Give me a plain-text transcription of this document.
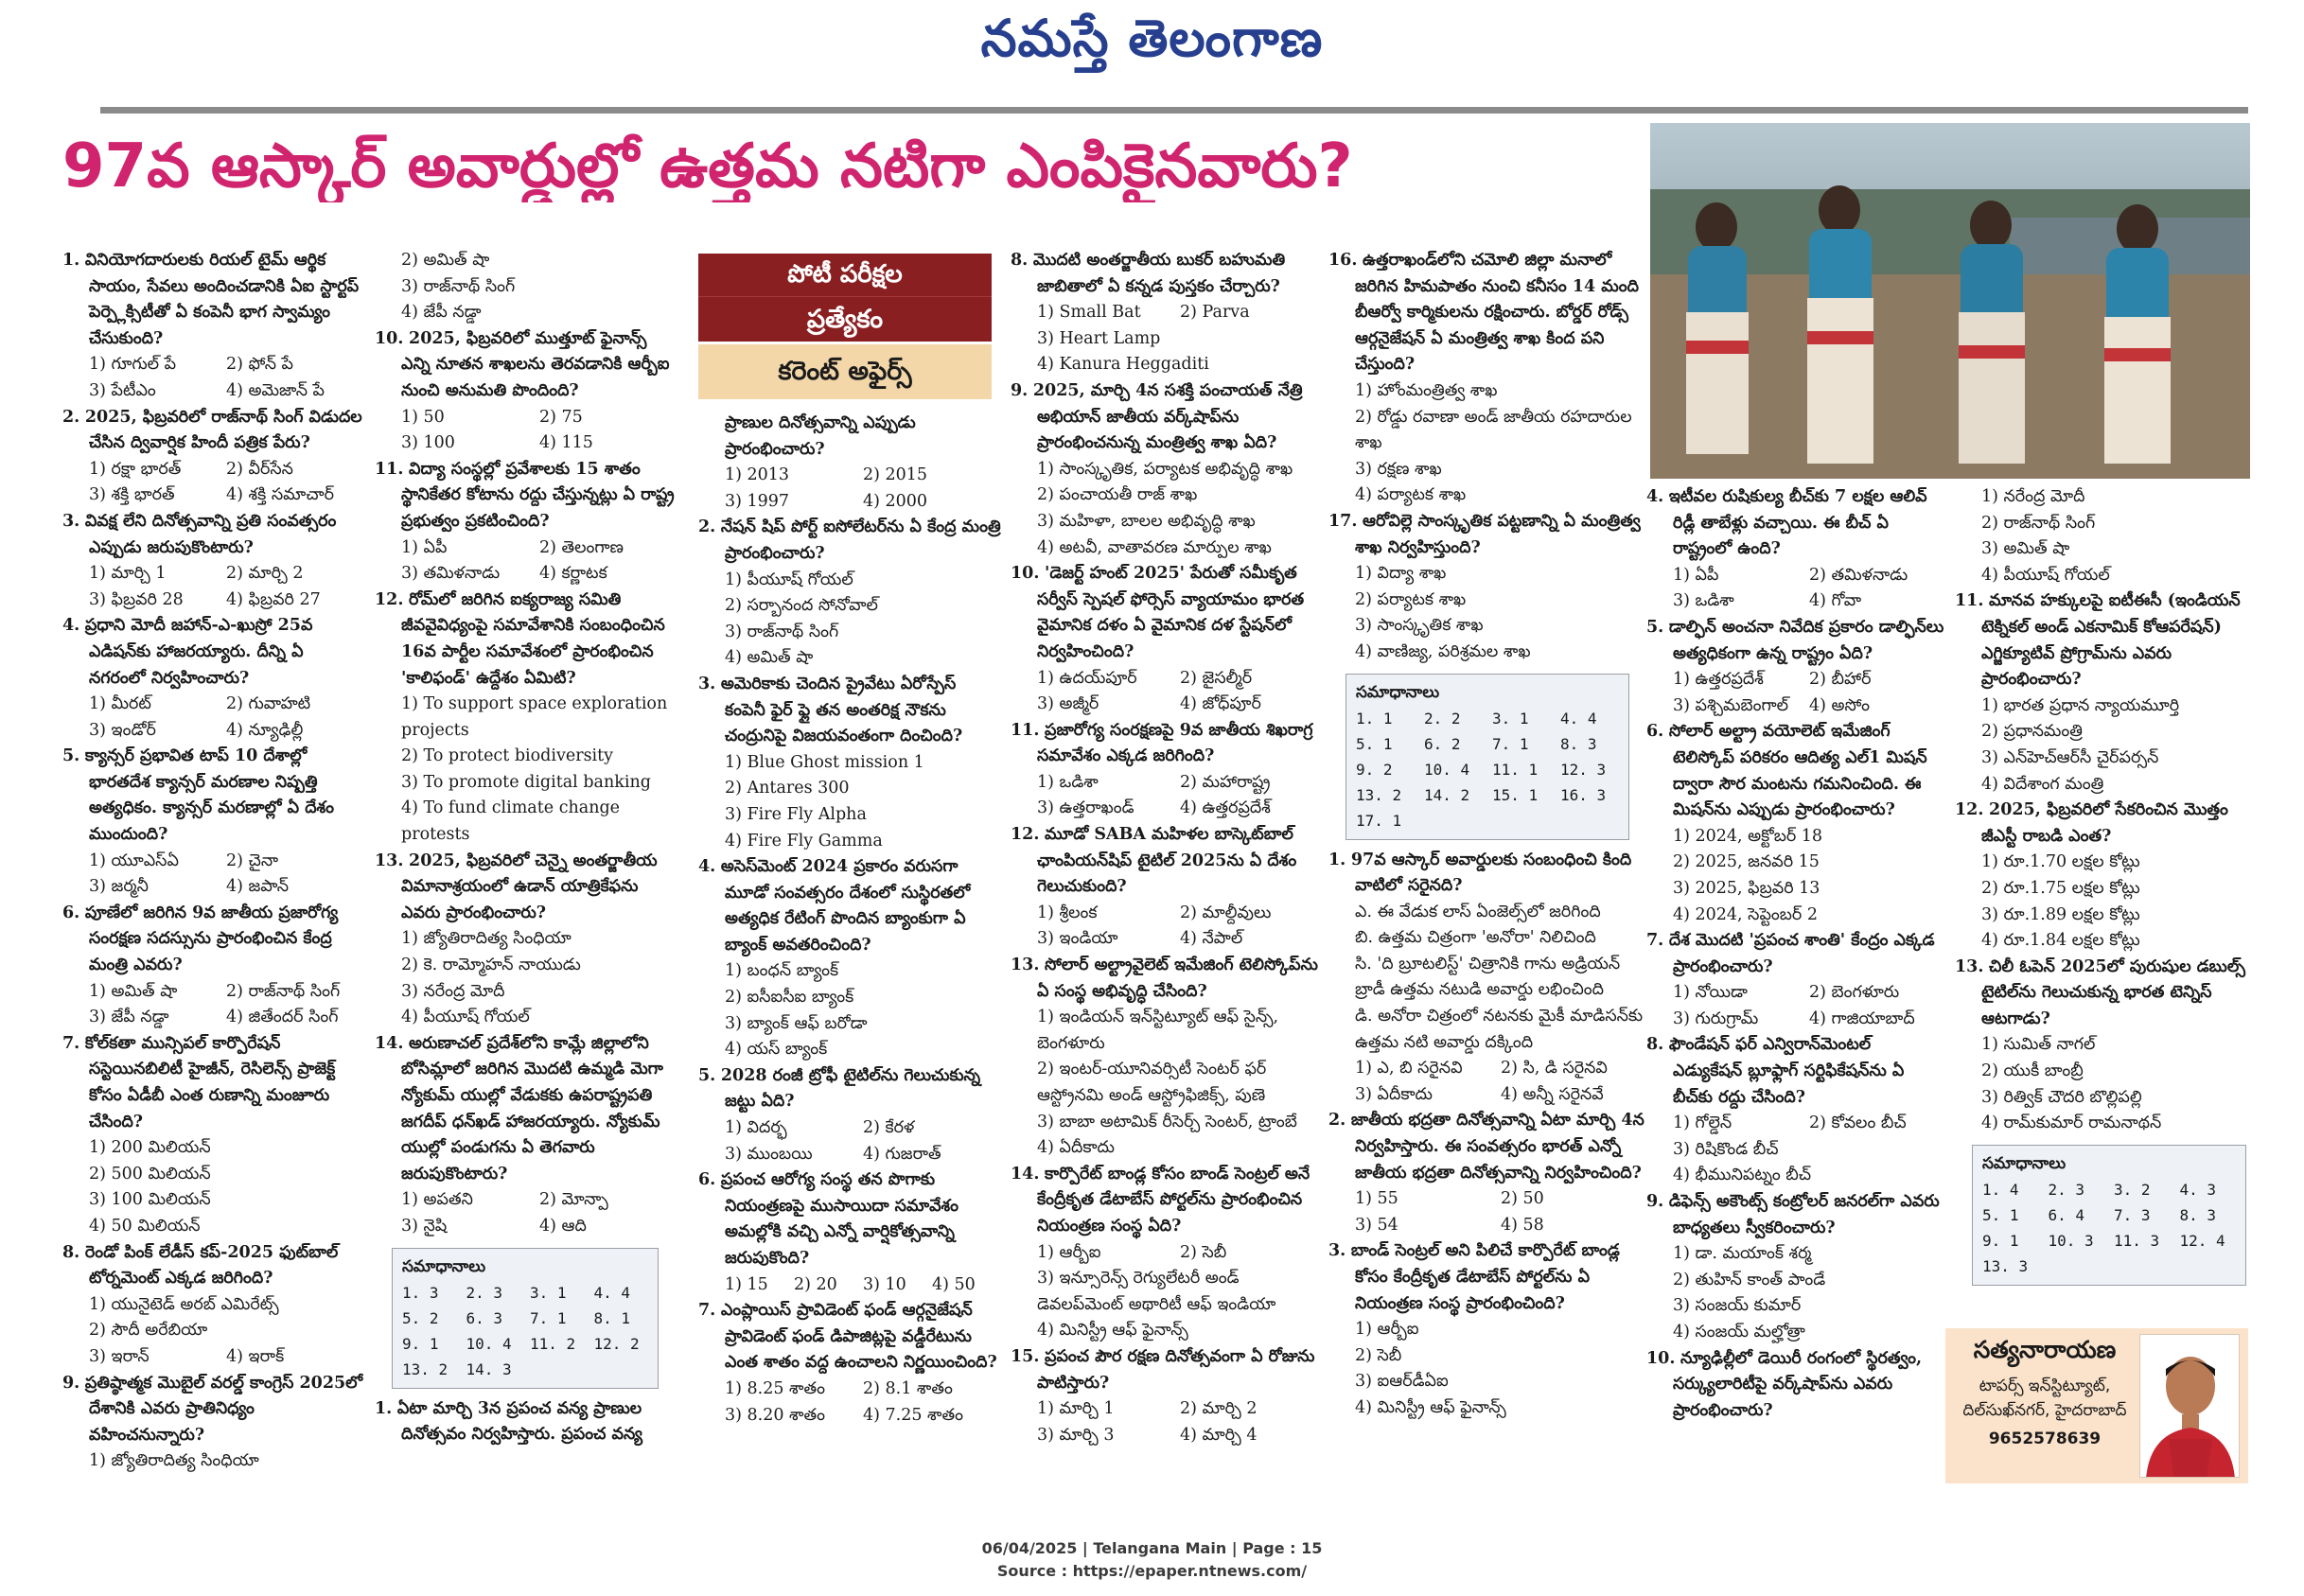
నమస్తే తెలంగాణ
97వ ఆస్కార్ అవార్డుల్లో ఉత్తమ నటిగా ఎంపికైనవారు?
పోటీ పరీక్షల
ప్రత్యేకం
కరెంట్ అఫైర్స్
1. వినియోగదారులకు రియల్ టైమ్ ఆర్థిక సాయం, సేవలు అందించడానికి ఏఐ స్టార్టప్ పెర్ప్లెక్సిటీతో ఏ కంపెనీ భాగ స్వామ్యం చేసుకుంది?
1) గూగుల్ పే	2) ఫోన్ పే
3) పేటీఎం	4) అమెజాన్ పే
2. 2025, ఫిబ్రవరిలో రాజ్‌నాథ్ సింగ్ విడుదల చేసిన ద్వివార్షిక హిందీ పత్రిక పేరు?
1) రక్షా భారత్	2) వీర్‌సేన
3) శక్తి భారత్	4) శక్తి సమాచార్
3. వివక్ష లేని దినోత్సవాన్ని ప్రతి సంవత్సరం ఎప్పుడు జరుపుకొంటారు?
1) మార్చి 1	2) మార్చి 2
3) ఫిబ్రవరి 28	4) ఫిబ్రవరి 27
4. ప్రధాని మోదీ జహాన్-ఎ-ఖుస్రో 25వ ఎడిషన్‌కు హాజరయ్యారు. దీన్ని ఏ నగరంలో నిర్వహించారు?
1) మీరట్	2) గువాహటి
3) ఇండోర్	4) న్యూఢిల్లీ
5. క్యాన్సర్ ప్రభావిత టాప్ 10 దేశాల్లో భారతదేశ క్యాన్సర్ మరణాల నిష్పత్తి అత్యధికం. క్యాన్సర్ మరణాల్లో ఏ దేశం ముందుంది?
1) యూఎస్ఏ	2) చైనా
3) జర్మనీ	4) జపాన్
6. పూణేలో జరిగిన 9వ జాతీయ ప్రజారోగ్య సంరక్షణ సదస్సును ప్రారంభించిన కేంద్ర మంత్రి ఎవరు?
1) అమిత్ షా	2) రాజ్‌నాథ్ సింగ్
3) జేపీ నడ్డా	4) జితేందర్ సింగ్
7. కోల్‌కతా మున్సిపల్ కార్పొరేషన్ సస్టెయినబిలిటీ హైజీన్, రెసిలెన్స్ ప్రాజెక్ట్ కోసం ఏడీబీ ఎంత రుణాన్ని మంజూరు చేసింది?
1) 200 మిలియన్
2) 500 మిలియన్
3) 100 మిలియన్
4) 50 మిలియన్
8. రెండో పింక్ లేడీస్ కప్-2025 ఫుట్‌బాల్ టోర్నమెంట్ ఎక్కడ జరిగింది?
1) యునైటెడ్ అరబ్ ఎమిరేట్స్
2) సౌదీ అరేబియా
3) ఇరాన్	4) ఇరాక్
9. ప్రతిష్ఠాత్మక మొబైల్ వరల్డ్ కాంగ్రెస్ 2025లో దేశానికి ఎవరు ప్రాతినిధ్యం వహించనున్నారు?
1) జ్యోతిరాదిత్య సింధియా
2) అమిత్ షా
3) రాజ్‌నాథ్ సింగ్
4) జేపీ నడ్డా
10. 2025, ఫిబ్రవరిలో ముత్తూట్ ఫైనాన్స్ ఎన్ని నూతన శాఖలను తెరవడానికి ఆర్బీఐ నుంచి అనుమతి పొందింది?
1) 50	2) 75
3) 100	4) 115
11. విద్యా సంస్థల్లో ప్రవేశాలకు 15 శాతం స్థానికేతర కోటాను రద్దు చేస్తున్నట్లు ఏ రాష్ట్ర ప్రభుత్వం ప్రకటించింది?
1) ఏపీ	2) తెలంగాణ
3) తమిళనాడు	4) కర్ణాటక
12. రోమ్‌లో జరిగిన ఐక్యరాజ్య సమితి జీవవైవిధ్యంపై సమావేశానికి సంబంధించిన 16వ పార్టీల సమావేశంలో ప్రారంభించిన 'కాలిఫండ్' ఉద్దేశం ఏమిటి?
1) To support space exploration projects
2) To protect biodiversity
3) To promote digital banking
4) To fund climate change protests
13. 2025, ఫిబ్రవరిలో చెన్నై అంతర్జాతీయ విమానాశ్రయంలో ఉడాన్ యాత్రికేఫను ఎవరు ప్రారంభించారు?
1) జ్యోతిరాదిత్య సింధియా
2) కె. రామ్మోహన్ నాయుడు
3) నరేంద్ర మోదీ
4) పీయూష్ గోయల్
14. అరుణాచల్ ప్రదేశ్‌లోని కామ్లే జిల్లాలోని బోసిమ్లాలో జరిగిన మొదటి ఉమ్మడి మెగా న్యోకుమ్ యుల్లో వేడుకకు ఉపరాష్ట్రపతి జగదీప్ ధన్‌ఖడ్ హాజరయ్యారు. న్యోకుమ్ యుల్లో పండుగను ఏ తెగవారు జరుపుకొంటారు?
1) అపతని	2) మోన్పా
3) నైషి	4) ఆది
సమాధానాలు
1. 3	2. 3	3. 1	4. 4
5. 2	6. 3	7. 1	8. 1
9. 1	10. 4	11. 2	12. 2
13. 2	14. 3
1. ఏటా మార్చి 3న ప్రపంచ వన్య ప్రాణుల దినోత్సవం నిర్వహిస్తారు. ప్రపంచ వన్య
ప్రాణుల దినోత్సవాన్ని ఎప్పుడు ప్రారంభించారు?
1) 2013	2) 2015
3) 1997	4) 2000
2. నేషన్ షిప్ పోర్ట్ ఐసోలేటర్‌ను ఏ కేంద్ర మంత్రి ప్రారంభించారు?
1) పీయూష్ గోయల్
2) సర్బానంద సోనోవాల్
3) రాజ్‌నాథ్ సింగ్
4) అమిత్ షా
3. అమెరికాకు చెందిన ప్రైవేటు ఏరోస్పేస్ కంపెనీ ఫైర్ ఫ్లై తన అంతరిక్ష నౌకను చంద్రునిపై విజయవంతంగా దించింది?
1) Blue Ghost mission 1
2) Antares 300
3) Fire Fly Alpha
4) Fire Fly Gamma
4. అసెస్‌మెంట్ 2024 ప్రకారం వరుసగా మూడో సంవత్సరం దేశంలో సుస్థిరతలో అత్యధిక రేటింగ్ పొందిన బ్యాంకుగా ఏ బ్యాంక్ అవతరించింది?
1) బంధన్ బ్యాంక్
2) ఐసీఐసీఐ బ్యాంక్
3) బ్యాంక్ ఆఫ్ బరోడా
4) యస్ బ్యాంక్
5. 2028 రంజీ ట్రోఫీ టైటిల్‌ను గెలుచుకున్న జట్టు ఏది?
1) విదర్భ	2) కేరళ
3) ముంబయి	4) గుజరాత్
6. ప్రపంచ ఆరోగ్య సంస్థ తన పొగాకు నియంత్రణపై ముసాయిదా సమావేశం అమల్లోకి వచ్చి ఎన్నో వార్షికోత్సవాన్ని జరుపుకొంది?
1) 15	2) 20	3) 10	4) 50
7. ఎంప్లాయిస్ ప్రావిడెంట్ ఫండ్ ఆర్గనైజేషన్ ప్రావిడెంట్ ఫండ్ డిపాజిట్లపై వడ్డీరేటును ఎంత శాతం వద్ద ఉంచాలని నిర్ణయించింది?
1) 8.25 శాతం	2) 8.1 శాతం
3) 8.20 శాతం	4) 7.25 శాతం
8. మొదటి అంతర్జాతీయ బుకర్ బహుమతి జాబితాలో ఏ కన్నడ పుస్తకం చేర్చారు?
1) Small Bat	2) Parva
3) Heart Lamp
4) Kanura Heggaditi
9. 2025, మార్చి 4న సశక్తి పంచాయత్ నేత్రి అభియాన్ జాతీయ వర్క్‌షాప్‌ను ప్రారంభించనున్న మంత్రిత్వ శాఖ ఏది?
1) సాంస్కృతిక, పర్యాటక అభివృద్ధి శాఖ
2) పంచాయతీ రాజ్ శాఖ
3) మహిళా, బాలల అభివృద్ధి శాఖ
4) అటవీ, వాతావరణ మార్పుల శాఖ
10. 'డెజర్ట్ హంట్ 2025' పేరుతో సమీకృత సర్వీస్ స్పెషల్ ఫోర్సెస్ వ్యాయామం భారత వైమానిక దళం ఏ వైమానిక దళ స్టేషన్‌లో నిర్వహించింది?
1) ఉదయ్‌పూర్	2) జైసల్మీర్
3) అజ్మీర్	4) జోధ్‌పూర్
11. ప్రజారోగ్య సంరక్షణపై 9వ జాతీయ శిఖరాగ్ర సమావేశం ఎక్కడ జరిగింది?
1) ఒడిశా	2) మహారాష్ట్ర
3) ఉత్తరాఖండ్	4) ఉత్తరప్రదేశ్
12. మూడో SABA మహిళల బాస్కెట్‌బాల్ ఛాంపియన్‌షిప్ టైటిల్ 2025ను ఏ దేశం గెలుచుకుంది?
1) శ్రీలంక	2) మాల్దీవులు
3) ఇండియా	4) నేపాల్
13. సోలార్ అల్ట్రావైలెట్ ఇమేజింగ్ టెలిస్కోప్‌ను ఏ సంస్థ అభివృద్ధి చేసింది?
1) ఇండియన్ ఇన్‌స్టిట్యూట్ ఆఫ్ సైన్స్, బెంగళూరు
2) ఇంటర్-యూనివర్సిటీ సెంటర్ ఫర్ ఆస్ట్రోనమి అండ్ ఆస్ట్రోఫిజిక్స్, పుణె
3) బాబా అటామిక్ రీసెర్చ్ సెంటర్, ట్రాంబే
4) ఏదీకాదు
14. కార్పొరేట్ బాండ్ల కోసం బాండ్ సెంట్రల్ అనే కేంద్రీకృత డేటాబేస్ పోర్టల్‌ను ప్రారంభించిన నియంత్రణ సంస్థ ఏది?
1) ఆర్బీఐ	2) సెబీ
3) ఇన్సూరెన్స్ రెగ్యులేటరీ అండ్ డెవలప్‌మెంట్ అథారిటీ ఆఫ్ ఇండియా
4) మినిస్ట్రీ ఆఫ్ ఫైనాన్స్
15. ప్రపంచ పౌర రక్షణ దినోత్సవంగా ఏ రోజును పాటిస్తారు?
1) మార్చి 1	2) మార్చి 2
3) మార్చి 3	4) మార్చి 4
16. ఉత్తరాఖండ్‌లోని చమోలి జిల్లా మనాలో జరిగిన హిమపాతం నుంచి కనీసం 14 మంది బీఆర్వో కార్మికులను రక్షించారు. బోర్డర్ రోడ్స్ ఆర్గనైజేషన్ ఏ మంత్రిత్వ శాఖ కింద పని చేస్తుంది?
1) హోంమంత్రిత్వ శాఖ
2) రోడ్డు రవాణా అండ్ జాతీయ రహదారుల శాఖ
3) రక్షణ శాఖ
4) పర్యాటక శాఖ
17. ఆరోవిల్లె సాంస్కృతిక పట్టణాన్ని ఏ మంత్రిత్వ శాఖ నిర్వహిస్తుంది?
1) విద్యా శాఖ
2) పర్యాటక శాఖ
3) సాంస్కృతిక శాఖ
4) వాణిజ్య, పరిశ్రమల శాఖ
సమాధానాలు
1. 1	2. 2	3. 1	4. 4
5. 1	6. 2	7. 1	8. 3
9. 2	10. 4	11. 1	12. 3
13. 2	14. 2	15. 1	16. 3
17. 1
1. 97వ ఆస్కార్ అవార్డులకు సంబంధించి కింది వాటిలో సరైనది?
ఎ. ఈ వేడుక లాస్ ఏంజెల్స్‌లో జరిగింది
బి. ఉత్తమ చిత్రంగా 'అనోరా' నిలిచింది
సి. 'ది బ్రూటలిస్ట్' చిత్రానికి గాను అడ్రియన్ బ్రాడీ ఉత్తమ నటుడి అవార్డు లభించింది
డి. అనోరా చిత్రంలో నటనకు మైకీ మాడిసన్‌కు ఉత్తమ నటి అవార్డు దక్కింది
1) ఎ, బి సరైనవి	2) సి, డి సరైనవి
3) ఏదీకాదు	4) అన్నీ సరైనవే
2. జాతీయ భద్రతా దినోత్సవాన్ని ఏటా మార్చి 4న నిర్వహిస్తారు. ఈ సంవత్సరం భారత్ ఎన్నో జాతీయ భద్రతా దినోత్సవాన్ని నిర్వహించింది?
1) 55	2) 50
3) 54	4) 58
3. బాండ్ సెంట్రల్ అని పిలిచే కార్పొరేట్ బాండ్ల కోసం కేంద్రీకృత డేటాబేస్ పోర్టల్‌ను ఏ నియంత్రణ సంస్థ ప్రారంభించింది?
1) ఆర్బీఐ
2) సెబీ
3) ఐఆర్‌డీఏఐ
4) మినిస్ట్రీ ఆఫ్ ఫైనాన్స్
4. ఇటీవల రుషికుల్య బీచ్‌కు 7 లక్షల ఆలివ్ రిడ్లీ తాబేళ్లు వచ్చాయి. ఈ బీచ్ ఏ రాష్ట్రంలో ఉంది?
1) ఏపీ	2) తమిళనాడు
3) ఒడిశా	4) గోవా
5. డాల్ఫిన్ అంచనా నివేదిక ప్రకారం డాల్ఫిన్‌లు అత్యధికంగా ఉన్న రాష్ట్రం ఏది?
1) ఉత్తరప్రదేశ్	2) బీహార్
3) పశ్చిమబెంగాల్	4) అసోం
6. సోలార్ అల్ట్రా వయోలెట్ ఇమేజింగ్ టెలిస్కోప్ పరికరం ఆదిత్య ఎల్1 మిషన్ ద్వారా సౌర మంటను గమనించింది. ఈ మిషన్‌ను ఎప్పుడు ప్రారంభించారు?
1) 2024, అక్టోబర్ 18
2) 2025, జనవరి 15
3) 2025, ఫిబ్రవరి 13
4) 2024, సెప్టెంబర్ 2
7. దేశ మొదటి 'ప్రపంచ శాంతి' కేంద్రం ఎక్కడ ప్రారంభించారు?
1) నోయిడా	2) బెంగళూరు
3) గురుగ్రామ్	4) గాజియాబాద్
8. ఫౌండేషన్ ఫర్ ఎన్విరాన్‌మెంటల్ ఎడ్యుకేషన్ బ్లూఫ్లాగ్ సర్టిఫికేషన్‌ను ఏ బీచ్‌కు రద్దు చేసింది?
1) గోల్డెన్	2) కోవలం బీచ్
3) రిషికొండ బీచ్
4) భీమునిపట్నం బీచ్
9. డిఫెన్స్ అకౌంట్స్ కంట్రోలర్ జనరల్‌గా ఎవరు బాధ్యతలు స్వీకరించారు?
1) డా. మయాంక్ శర్మ
2) తుహిన్ కాంత్ పాండే
3) సంజయ్ కుమార్
4) సంజయ్ మల్హోత్రా
10. న్యూఢిల్లీలో డెయిరీ రంగంలో స్థిరత్వం, సర్క్యులారిటీపై వర్క్‌షాప్‌ను ఎవరు ప్రారంభించారు?
1) నరేంద్ర మోదీ
2) రాజ్‌నాథ్ సింగ్
3) అమిత్ షా
4) పీయూష్ గోయల్
11. మానవ హక్కులపై ఐటీఈసీ (ఇండియన్ టెక్నికల్ అండ్ ఎకనామిక్ కోఆపరేషన్) ఎగ్జిక్యూటివ్ ప్రోగ్రామ్‌ను ఎవరు ప్రారంభించారు?
1) భారత ప్రధాన న్యాయమూర్తి
2) ప్రధానమంత్రి
3) ఎన్‌హెచ్‌ఆర్‌సీ చైర్‌పర్సన్
4) విదేశాంగ మంత్రి
12. 2025, ఫిబ్రవరిలో సేకరించిన మొత్తం జీఎస్టీ రాబడి ఎంత?
1) రూ.1.70 లక్షల కోట్లు
2) రూ.1.75 లక్షల కోట్లు
3) రూ.1.89 లక్షల కోట్లు
4) రూ.1.84 లక్షల కోట్లు
13. చిలీ ఓపెన్ 2025లో పురుషుల డబుల్స్ టైటిల్‌ను గెలుచుకున్న భారత టెన్నిస్ ఆటగాడు?
1) సుమిత్ నాగల్
2) యుకీ బాంబ్రీ
3) రిత్విక్ చౌదరి బొల్లిపల్లి
4) రామ్‌కుమార్ రామనాథన్
సమాధానాలు
1. 4	2. 3	3. 2	4. 3
5. 1	6. 4	7. 3	8. 3
9. 1	10. 3	11. 3	12. 4
13. 3
సత్యనారాయణ
టాపర్స్ ఇన్‌స్టిట్యూట్,
దిల్‌సుఖ్‌నగర్, హైదరాబాద్
9652578639
06/04/2025 | Telangana Main | Page : 15
Source : https://epaper.ntnews.com/
